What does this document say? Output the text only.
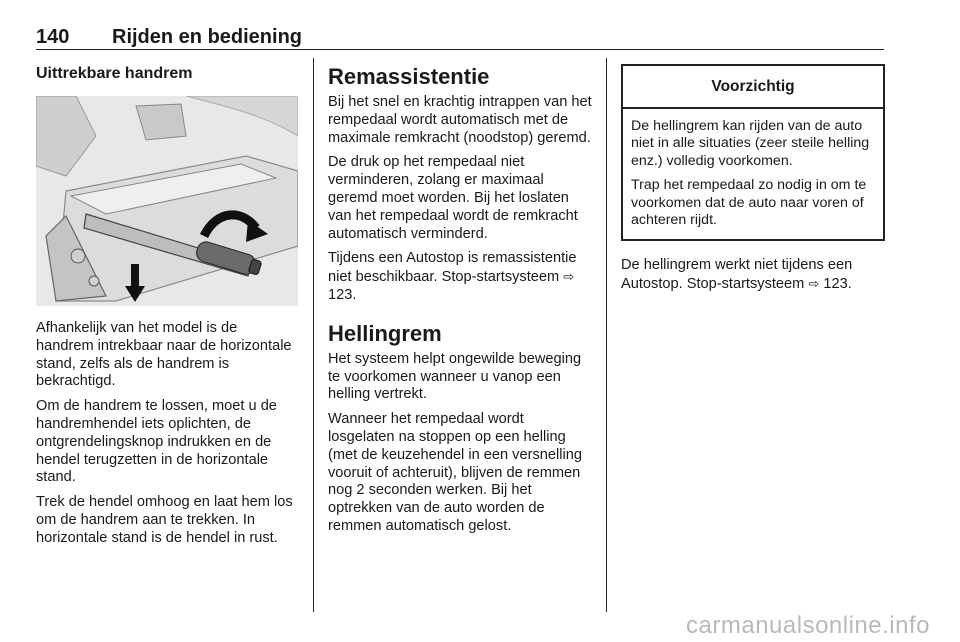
140 Rijden en bediening
Uittrekbare handrem

Afhankelijk van het model is de handrem intrekbaar naar de horizontale stand, zelfs als de handrem is bekrachtigd.

Om de handrem te lossen, moet u de handremhendel iets oplichten, de ontgrendelingsknop indrukken en de hendel terugzetten in de horizontale stand.

Trek de hendel omhoog en laat hem los om de handrem aan te trekken. In horizontale stand is de hendel in rust.

Remassistentie

Bij het snel en krachtig intrappen van het rempedaal wordt automatisch met de maximale remkracht (noodstop) geremd.

De druk op het rempedaal niet verminderen, zolang er maximaal geremd moet worden. Bij het loslaten van het rempedaal wordt de remkracht automatisch verminderd.

Tijdens een Autostop is remassistentie niet beschikbaar. Stop-startsysteem ⇨ 123.

Hellingrem

Het systeem helpt ongewilde beweging te voorkomen wanneer u vanop een helling vertrekt.

Wanneer het rempedaal wordt losgelaten na stoppen op een helling (met de keuzehendel in een versnelling vooruit of achteruit), blijven de remmen nog 2 seconden werken. Bij het optrekken van de auto worden de remmen automatisch gelost.

Voorzichtig

De hellingrem kan rijden van de auto niet in alle situaties (zeer steile helling enz.) volledig voorkomen.

Trap het rempedaal zo nodig in om te voorkomen dat de auto naar voren of achteren rijdt.

De hellingrem werkt niet tijdens een Autostop. Stop-startsysteem ⇨ 123.

carmanualsonline.info
